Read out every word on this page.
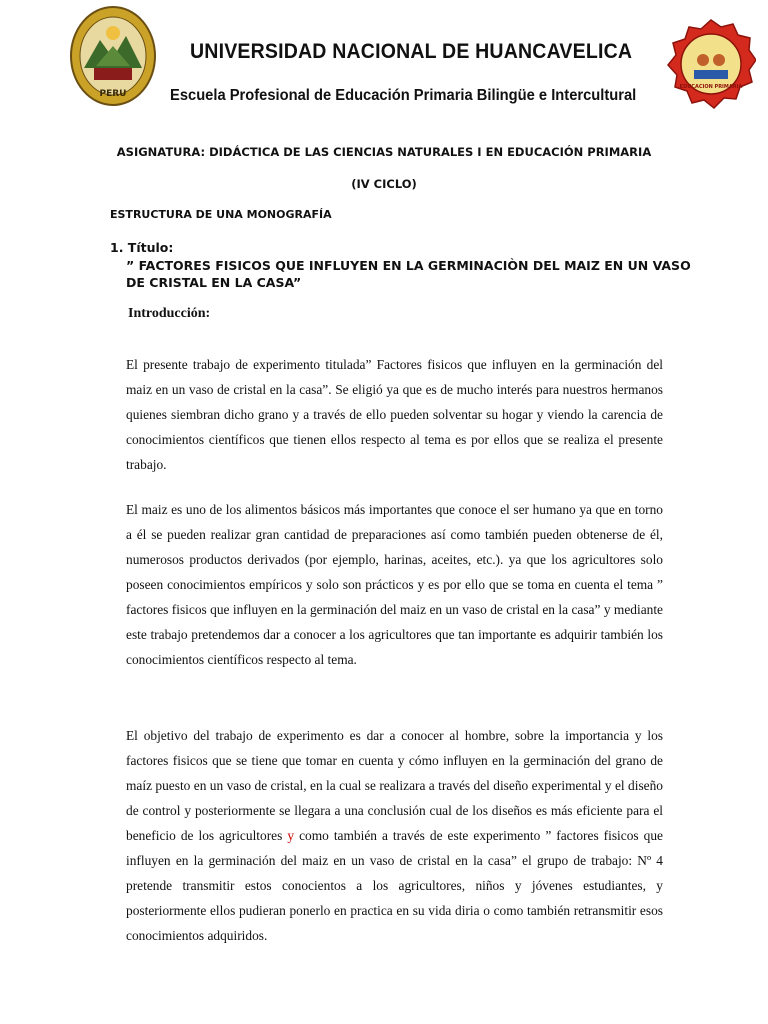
PERU
EDUCACION PRIMARIA
UNIVERSIDAD NACIONAL DE HUANCAVELICA
Escuela Profesional de Educación Primaria Bilingüe e Intercultural
ASIGNATURA: DIDÁCTICA DE LAS CIENCIAS NATURALES I EN EDUCACIÓN PRIMARIA
(IV CICLO)
ESTRUCTURA DE UNA MONOGRAFÍA
1. Título:
” FACTORES FISICOS QUE INFLUYEN EN LA GERMINACIÒN DEL MAIZ EN UN VASO
DE CRISTAL EN LA CASA”
Introducción:

El presente trabajo de experimento titulada” Factores fisicos que influyen en la germinación del maiz en un vaso de cristal en la casa”. Se eligió ya que es de mucho interés para nuestros hermanos quienes siembran dicho grano y a través de ello pueden solventar su hogar y viendo la carencia de conocimientos científicos que tienen ellos respecto al tema es por ellos que se realiza el presente trabajo.

El maiz es uno de los alimentos básicos más importantes que conoce el ser humano ya que en torno a él se pueden realizar gran cantidad de preparaciones así como también pueden obtenerse de él, numerosos productos derivados (por ejemplo, harinas, aceites, etc.). ya que los agricultores solo poseen conocimientos empíricos y solo son prácticos y es por ello que se toma en cuenta el tema ” factores fisicos que influyen en la germinación del maiz en un vaso de cristal en la casa” y mediante este trabajo pretendemos dar a conocer a los agricultores que tan importante es adquirir también los conocimientos científicos respecto al tema.

El objetivo del trabajo de experimento es dar a conocer al hombre, sobre la importancia y los factores fisicos que se tiene que tomar en cuenta y cómo influyen en la germinación del grano de maíz puesto en un vaso de cristal, en la cual se realizara a través del diseño experimental y el diseño de control y posteriormente se llegara a una conclusión cual de los diseños es más eficiente para el beneficio de los agricultores y como también a través de este experimento ” factores fisicos que influyen en la germinación del maiz en un vaso de cristal en la casa” el grupo de trabajo: Nº 4 pretende transmitir estos conocientos a los agricultores, niños y jóvenes estudiantes, y posteriormente ellos pudieran ponerlo en practica en su vida diria o como también retransmitir esos conocimientos adquiridos.
